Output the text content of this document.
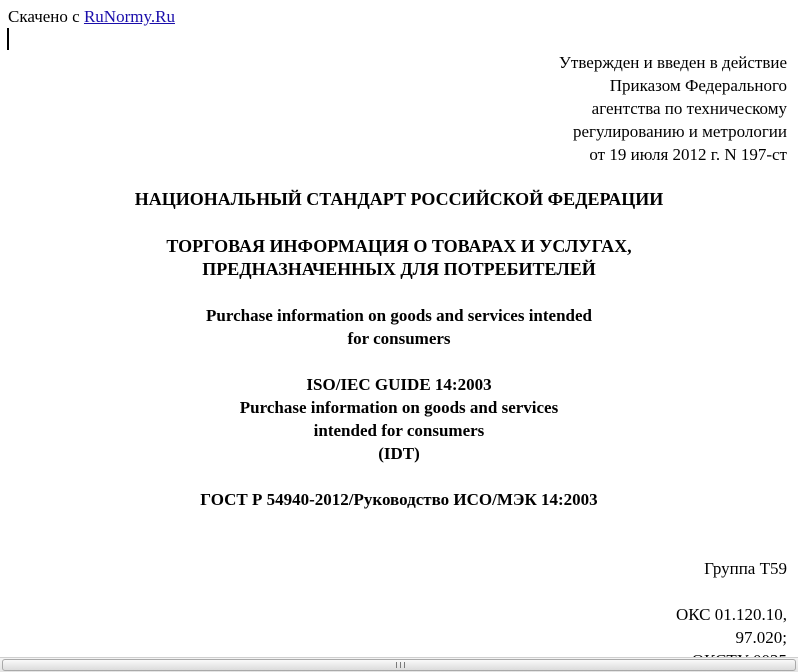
Скачено с RuNormy.Ru
Утвержден и введен в действие
Приказом Федерального
агентства по техническому
регулированию и метрологии
от 19 июля 2012 г. N 197-ст
НАЦИОНАЛЬНЫЙ СТАНДАРТ РОССИЙСКОЙ ФЕДЕРАЦИИ
ТОРГОВАЯ ИНФОРМАЦИЯ О ТОВАРАХ И УСЛУГАХ,
ПРЕДНАЗНАЧЕННЫХ ДЛЯ ПОТРЕБИТЕЛЕЙ
Purchase information on goods and services intended
for consumers
ISO/IEC GUIDE 14:2003
Purchase information on goods and services
intended for consumers
(IDT)
ГОСТ Р 54940-2012/Руководство ИСО/МЭК 14:2003
Группа Т59
ОКС 01.120.10,
97.020;
